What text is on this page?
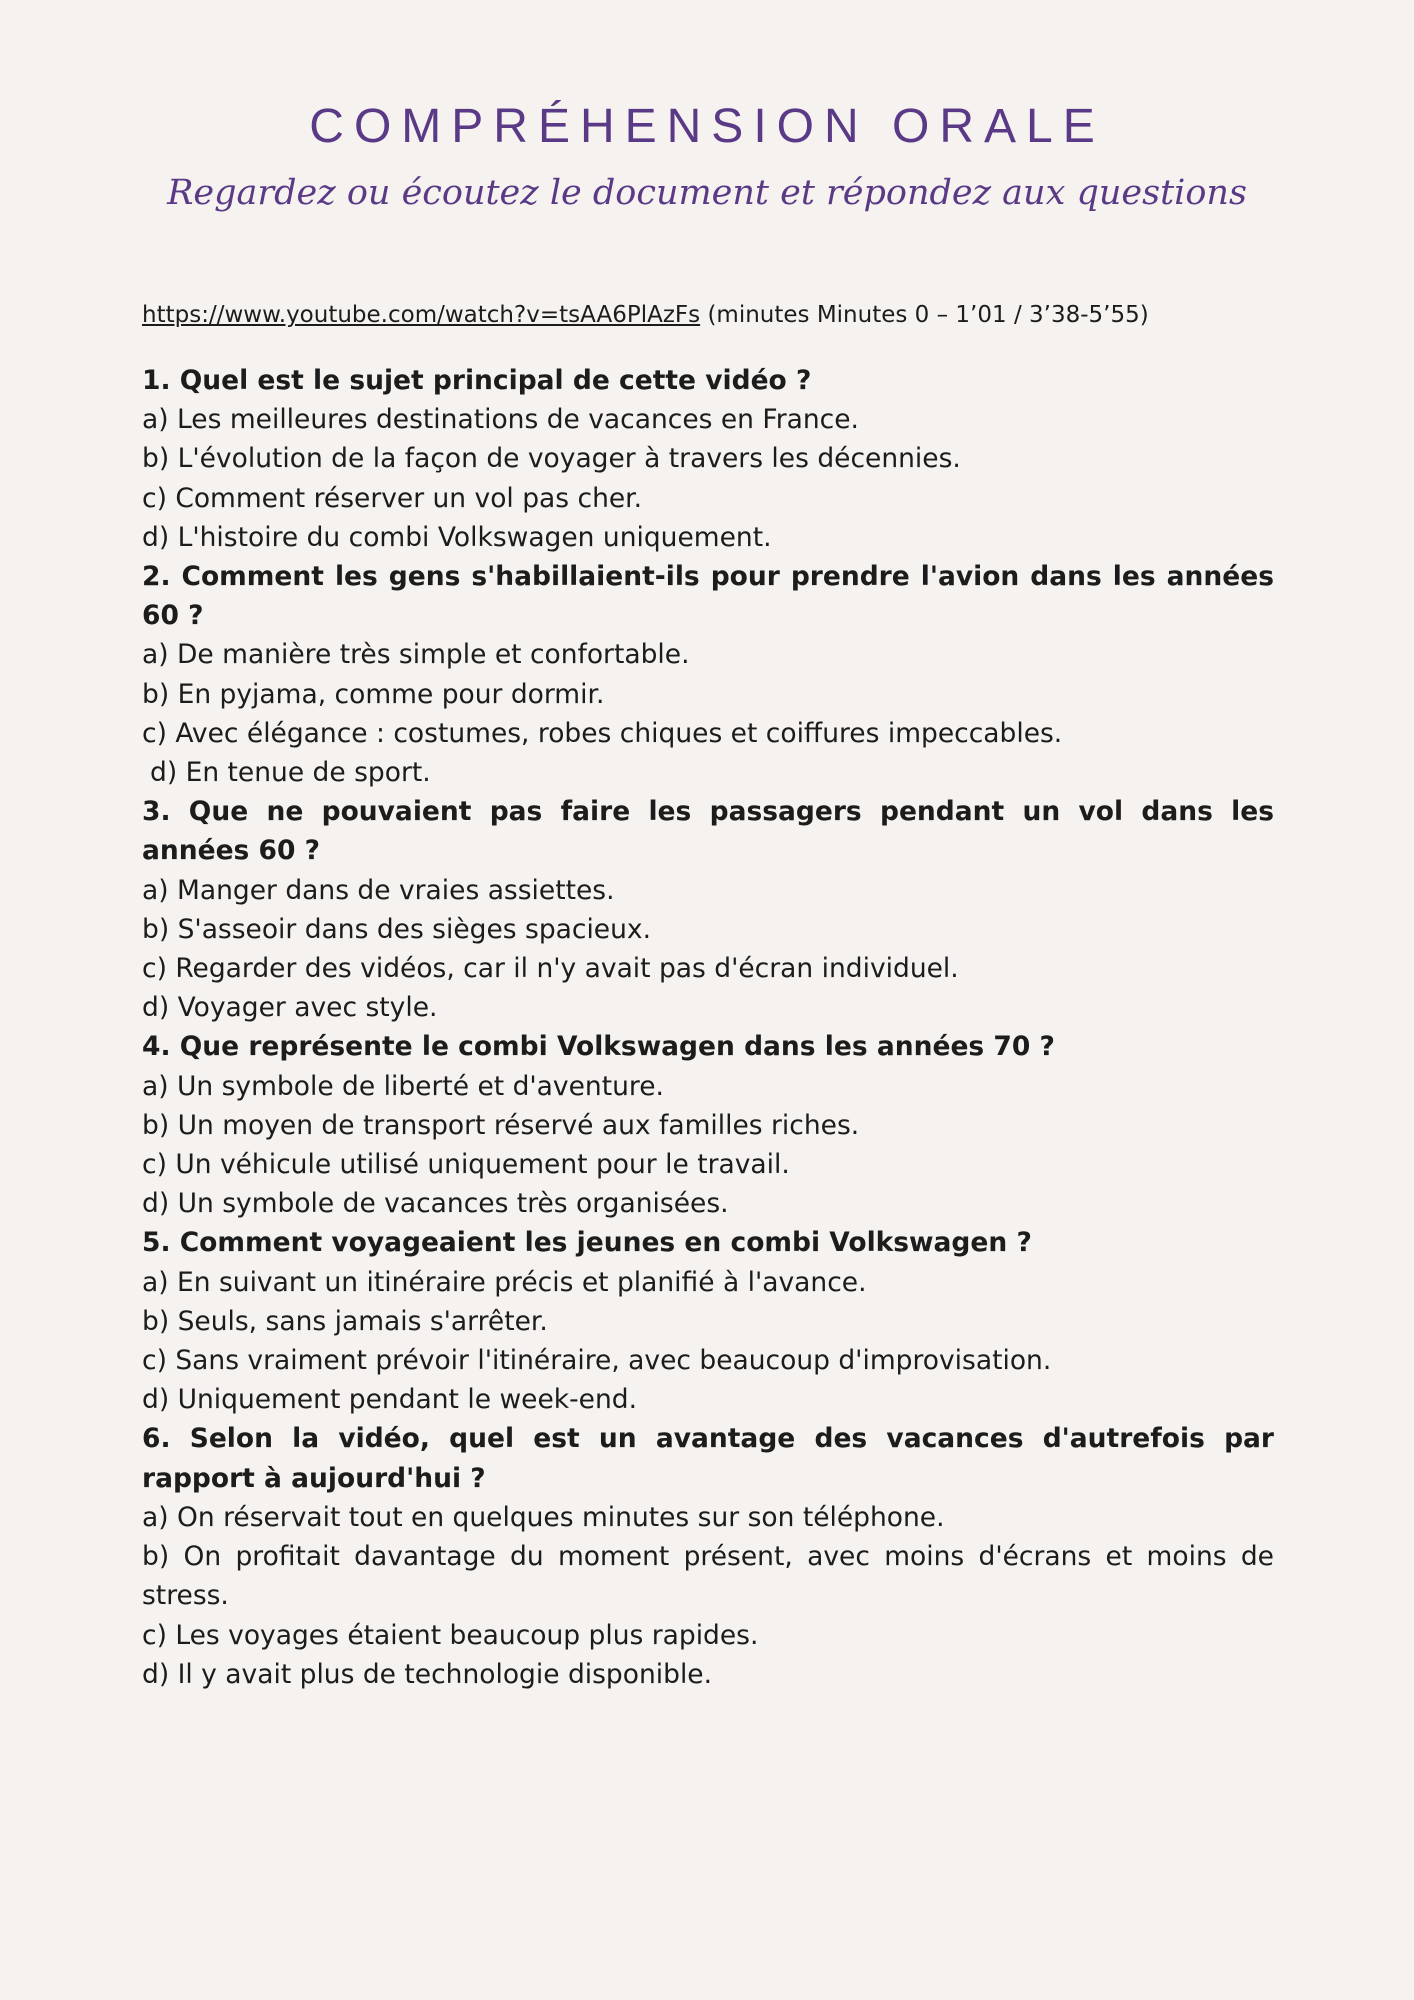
COMPRÉHENSION ORALE
Regardez ou écoutez le document et répondez aux questions
https://www.youtube.com/watch?v=tsAA6PlAzFs (minutes Minutes 0 – 1’01 / 3’38-5’55)
1. Quel est le sujet principal de cette vidéo ?
a) Les meilleures destinations de vacances en France.
b) L'évolution de la façon de voyager à travers les décennies.
c) Comment réserver un vol pas cher.
d) L'histoire du combi Volkswagen uniquement.
2. Comment les gens s'habillaient-ils pour prendre l'avion dans les années 60 ?
a) De manière très simple et confortable.
b) En pyjama, comme pour dormir.
c) Avec élégance : costumes, robes chiques et coiffures impeccables.
d) En tenue de sport.
3. Que ne pouvaient pas faire les passagers pendant un vol dans les années 60 ?
a) Manger dans de vraies assiettes.
b) S'asseoir dans des sièges spacieux.
c) Regarder des vidéos, car il n'y avait pas d'écran individuel.
d) Voyager avec style.
4. Que représente le combi Volkswagen dans les années 70 ?
a) Un symbole de liberté et d'aventure.
b) Un moyen de transport réservé aux familles riches.
c) Un véhicule utilisé uniquement pour le travail.
d) Un symbole de vacances très organisées.
5. Comment voyageaient les jeunes en combi Volkswagen ?
a) En suivant un itinéraire précis et planifié à l'avance.
b) Seuls, sans jamais s'arrêter.
c) Sans vraiment prévoir l'itinéraire, avec beaucoup d'improvisation.
d) Uniquement pendant le week-end.
6. Selon la vidéo, quel est un avantage des vacances d'autrefois par rapport à aujourd'hui ?
a) On réservait tout en quelques minutes sur son téléphone.
b) On profitait davantage du moment présent, avec moins d'écrans et moins de stress.
c) Les voyages étaient beaucoup plus rapides.
d) Il y avait plus de technologie disponible.
